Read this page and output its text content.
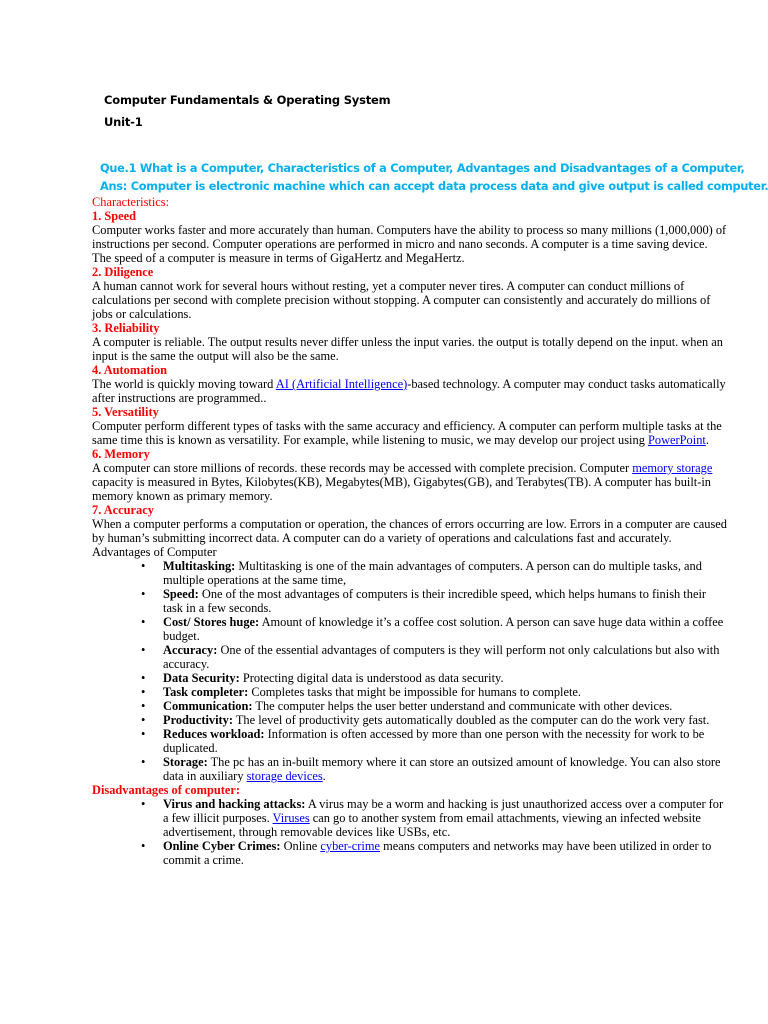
Computer Fundamentals & Operating System
Unit-1
Que.1 What is a Computer, Characteristics of a Computer, Advantages and Disadvantages of a Computer,
Ans: Computer is electronic machine which can accept data process data and give output is called computer.

Characteristics:

1. Speed

Computer works faster and more accurately than human. Computers have the ability to process so many millions (1,000,000) of instructions per second. Computer operations are performed in micro and nano seconds. A computer is a time saving device. The speed of a computer is measure in terms of GigaHertz and MegaHertz.

2. Diligence

A human cannot work for several hours without resting, yet a computer never tires. A computer can conduct millions of calculations per second with complete precision without stopping. A computer can consistently and accurately do millions of jobs or calculations.

3. Reliability

A computer is reliable. The output results never differ unless the input varies. the output is totally depend on the input. when an input is the same the output will also be the same.

4. Automation

The world is quickly moving toward AI (Artificial Intelligence)-based technology. A computer may conduct tasks automatically after instructions are programmed..

5. Versatility

Computer perform different types of tasks with the same accuracy and efficiency. A computer can perform multiple tasks at the same time this is known as versatility. For example, while listening to music, we may develop our project using PowerPoint.

6. Memory

A computer can store millions of records. these records may be accessed with complete precision. Computer memory storage capacity is measured in Bytes, Kilobytes(KB), Megabytes(MB), Gigabytes(GB), and Terabytes(TB). A computer has built-in memory known as primary memory.

7. Accuracy

When a computer performs a computation or operation, the chances of errors occurring are low. Errors in a computer are caused by human’s submitting incorrect data. A computer can do a variety of operations and calculations fast and accurately.

Advantages of Computer

• Multitasking: Multitasking is one of the main advantages of computers. A person can do multiple tasks, and multiple operations at the same time,
• Speed: One of the most advantages of computers is their incredible speed, which helps humans to finish their task in a few seconds.
• Cost/ Stores huge: Amount of knowledge it’s a coffee cost solution. A person can save huge data within a coffee budget.
• Accuracy: One of the essential advantages of computers is they will perform not only calculations but also with accuracy.
• Data Security: Protecting digital data is understood as data security.
• Task completer: Completes tasks that might be impossible for humans to complete.
• Communication: The computer helps the user better understand and communicate with other devices.
• Productivity: The level of productivity gets automatically doubled as the computer can do the work very fast.
• Reduces workload: Information is often accessed by more than one person with the necessity for work to be duplicated.
• Storage: The pc has an in-built memory where it can store an outsized amount of knowledge. You can also store data in auxiliary storage devices.

Disadvantages of computer:

• Virus and hacking attacks: A virus may be a worm and hacking is just unauthorized access over a computer for a few illicit purposes. Viruses can go to another system from email attachments, viewing an infected website advertisement, through removable devices like USBs, etc.
• Online Cyber Crimes: Online cyber-crime means computers and networks may have been utilized in order to commit a crime.
